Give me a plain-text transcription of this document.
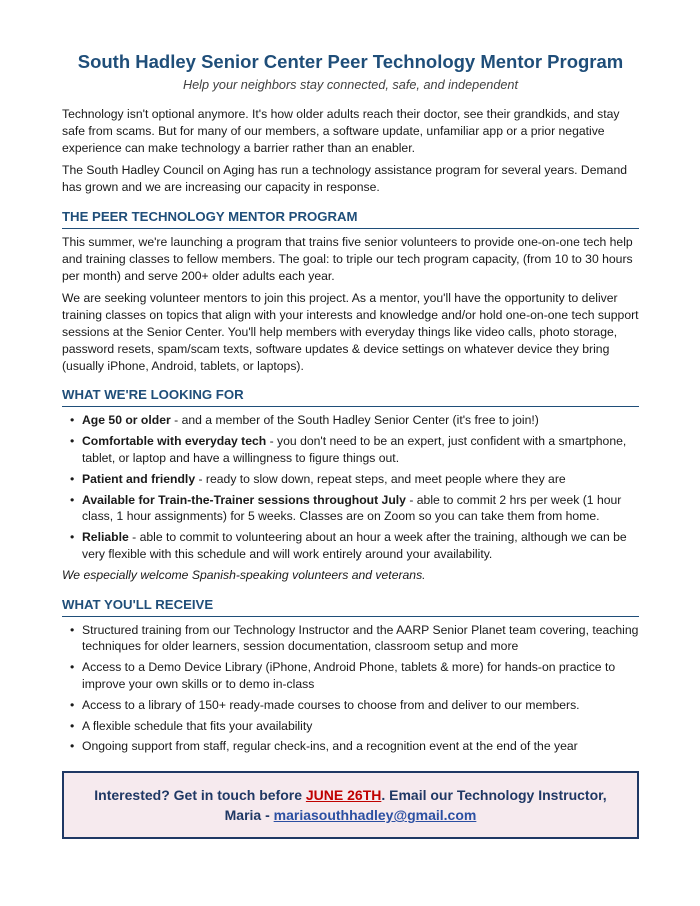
South Hadley Senior Center Peer Technology Mentor Program
Help your neighbors stay connected, safe, and independent

Technology isn't optional anymore. It's how older adults reach their doctor, see their grandkids, and stay safe from scams. But for many of our members, a software update, unfamiliar app or a prior negative experience can make technology a barrier rather than an enabler.

The South Hadley Council on Aging has run a technology assistance program for several years. Demand has grown and we are increasing our capacity in response.

THE PEER TECHNOLOGY MENTOR PROGRAM

This summer, we're launching a program that trains five senior volunteers to provide one-on-one tech help and training classes to fellow members. The goal: to triple our tech program capacity, (from 10 to 30 hours per month) and serve 200+ older adults each year.

We are seeking volunteer mentors to join this project. As a mentor, you'll have the opportunity to deliver training classes on topics that align with your interests and knowledge and/or hold one-on-one tech support sessions at the Senior Center. You'll help members with everyday things like video calls, photo storage, password resets, spam/scam texts, software updates & device settings on whatever device they bring (usually iPhone, Android, tablets, or laptops).

WHAT WE'RE LOOKING FOR
• Age 50 or older - and a member of the South Hadley Senior Center (it's free to join!)
• Comfortable with everyday tech - you don't need to be an expert, just confident with a smartphone, tablet, or laptop and have a willingness to figure things out.
• Patient and friendly - ready to slow down, repeat steps, and meet people where they are
• Available for Train-the-Trainer sessions throughout July - able to commit 2 hrs per week (1 hour class, 1 hour assignments) for 5 weeks. Classes are on Zoom so you can take them from home.
• Reliable - able to commit to volunteering about an hour a week after the training, although we can be very flexible with this schedule and will work entirely around your availability.
We especially welcome Spanish-speaking volunteers and veterans.
WHAT YOU'LL RECEIVE
• Structured training from our Technology Instructor and the AARP Senior Planet team covering, teaching techniques for older learners, session documentation, classroom setup and more
• Access to a Demo Device Library (iPhone, Android Phone, tablets & more) for hands-on practice to improve your own skills or to demo in-class
• Access to a library of 150+ ready-made courses to choose from and deliver to our members.
• A flexible schedule that fits your availability
• Ongoing support from staff, regular check-ins, and a recognition event at the end of the year
Interested? Get in touch before JUNE 26TH. Email our Technology Instructor, Maria - mariasouthhadley@gmail.com
